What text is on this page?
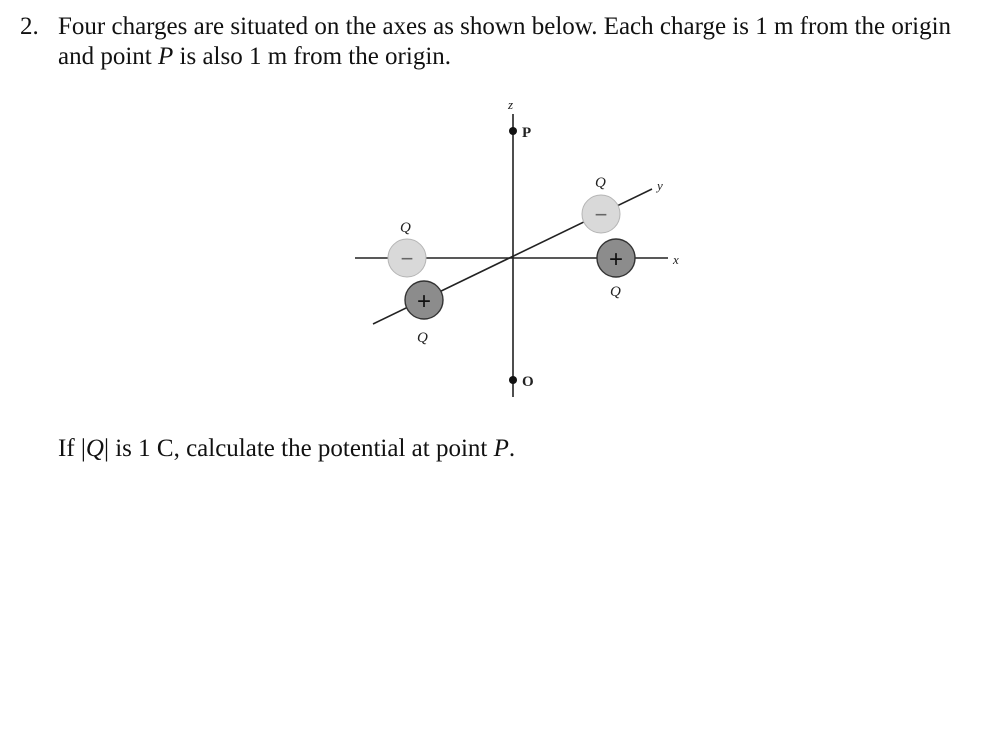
2. Four charges are situated on the axes as shown below. Each charge is 1 m from the origin
and point P is also 1 m from the origin.
z
y
x
P
O
−
Q
+
Q
−
Q
+
Q
If |Q| is 1 C, calculate the potential at point P.
